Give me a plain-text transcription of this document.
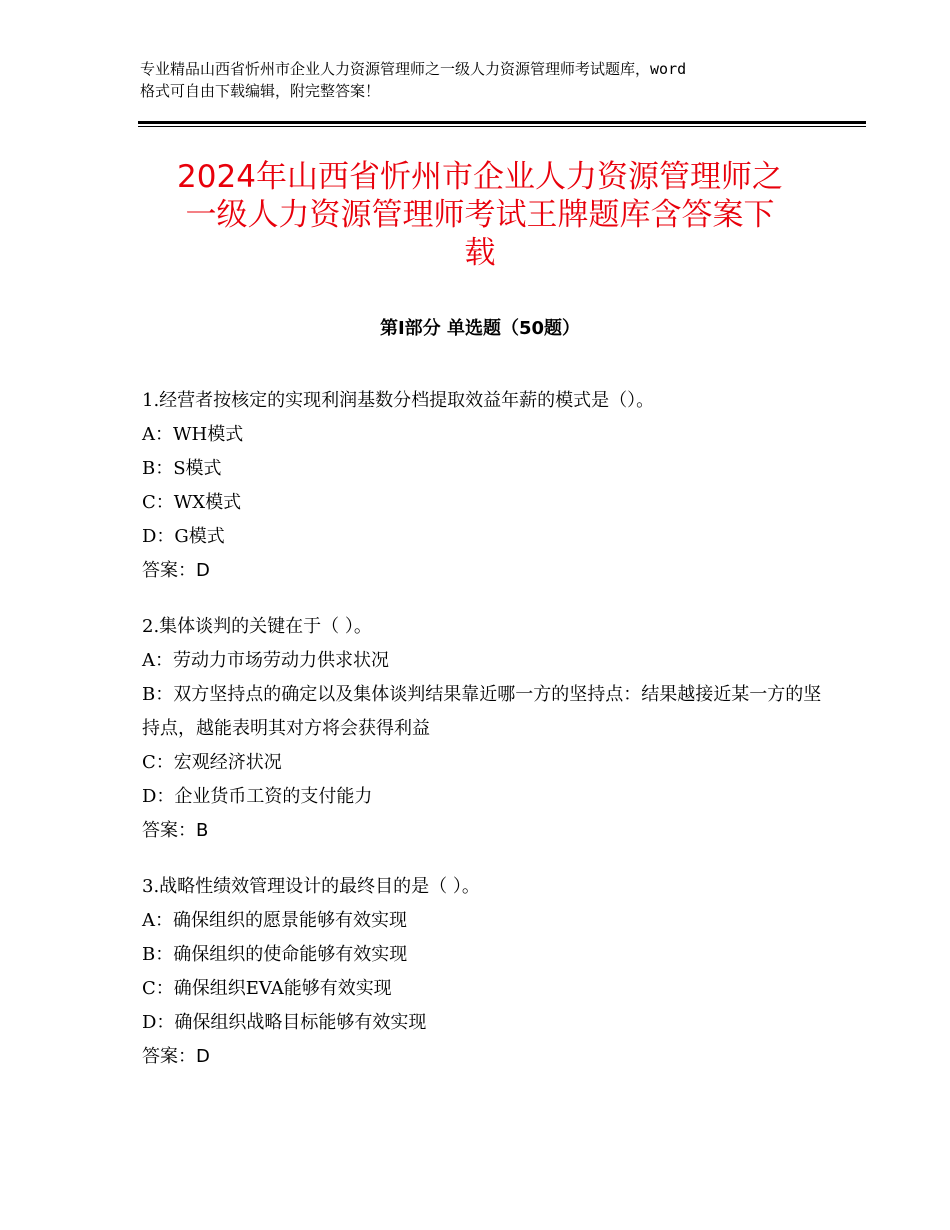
专业精品山西省忻州市企业人力资源管理师之一级人力资源管理师考试题库，word
格式可自由下载编辑，附完整答案！
2024年山西省忻州市企业人力资源管理师之
一级人力资源管理师考试王牌题库含答案下
载
第Ⅰ部分 单选题（50题）
1.经营者按核定的实现利润基数分档提取效益年薪的模式是（）。
A：WH模式
B：S模式
C：WX模式
D：G模式
答案：D
2.集体谈判的关键在于（ ）。
A：劳动力市场劳动力供求状况
B：双方坚持点的确定以及集体谈判结果靠近哪一方的坚持点：结果越接近某一方的坚持点，越能表明其对方将会获得利益
C：宏观经济状况
D：企业货币工资的支付能力
答案：B
3.战略性绩效管理设计的最终目的是（ ）。
A：确保组织的愿景能够有效实现
B：确保组织的使命能够有效实现
C：确保组织EVA能够有效实现
D：确保组织战略目标能够有效实现
答案：D
